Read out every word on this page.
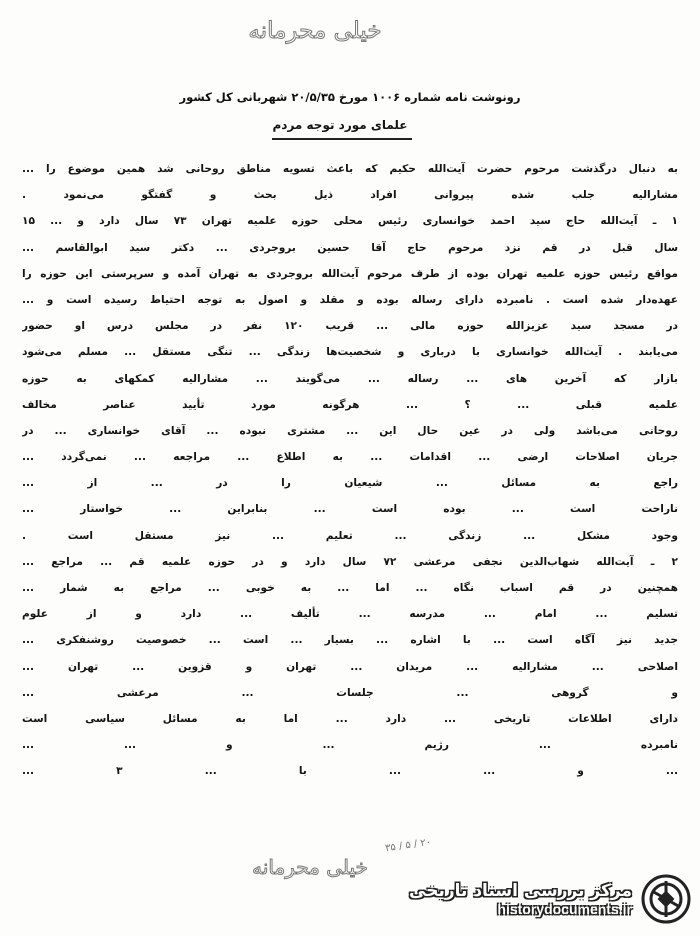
خیلی محرمانه
رونوشت نامه شماره ۱۰۰۶ مورخ ۲۰/۵/۳۵ شهربانی کل کشور
علمای مورد توجه مردم
به دنبال درگذشت مرحوم حضرت آیت‌الله حکیم که باعث تسویه مناطق روحانی شد همین موضوع را ...
مشارالیه جلب شده پیروانی افراد ذیل بحث و گفتگو می‌نمود .
۱ ـ آیت‌الله حاج سید احمد خوانساری رئیس محلی حوزه علمیه تهران ۷۳ سال دارد و ... ۱۵
سال قبل در قم نزد مرحوم حاج آقا حسین بروجردی ... دکتر سید ابوالقاسم ...
مواقع رئیس حوزه علمیه تهران بوده از طرف مرحوم آیت‌الله بروجردی به تهران آمده و سرپرستی این حوزه را
عهده‌دار شده است . نامبرده دارای رساله بوده و مقلد و اصول به توجه احتیاط رسیده است و ...
در مسجد سید عزیزالله حوزه مالی ... قریب ۱۲۰ نفر در مجلس درس او حضور
می‌یابند . آیت‌الله خوانساری با درباری و شخصیت‌ها زندگی ... تنگی مستقل ... مسلم می‌شود
بازار که آخرین های ... رساله ... می‌گویند ... مشارالیه کمکهای به حوزه
علمیه قبلی ... ؟ ... هرگونه مورد تأیید عناصر مخالف
روحانی می‌باشد ولی در عین حال این ... مشتری نبوده ... آقای خوانساری ... در
جریان اصلاحات ارضی ... اقدامات ... به اطلاع ... مراجعه ... نمی‌گردد ...
راجع به مسائل ... شیعیان را در ... از ...
ناراحت است ... بوده است ... بنابراین ... خواستار ...
وجود مشکل ... زندگی ... تعلیم ... نیز مستقل است .
۲ ـ آیت‌الله شهاب‌الدین نجفی مرعشی ۷۲ سال دارد و در حوزه علمیه قم ... مراجع ...
همچنین در قم اسباب نگاه ... اما ... به خوبی ... مراجع به شمار ...
تسلیم ... امام ... مدرسه ... تألیف ... دارد و از علوم
جدید نیز آگاه است ... با اشاره ... بسیار ... است ... خصوصیت روشنفکری ...
اصلاحی ... مشارالیه ... مریدان ... تهران و قزوین ... تهران ...
و گروهی ... جلسات ... مرعشی ...
دارای اطلاعات تاریخی ... دارد ... اما به مسائل سیاسی است
نامبرده ... رژیم ... و ... ...
... و ... ... با ... ۳ ...
۳۵ / ۵ / ۲۰
خیلی محرمانه
مرکز بررسی اسناد تاریخی
historydocuments.ir
